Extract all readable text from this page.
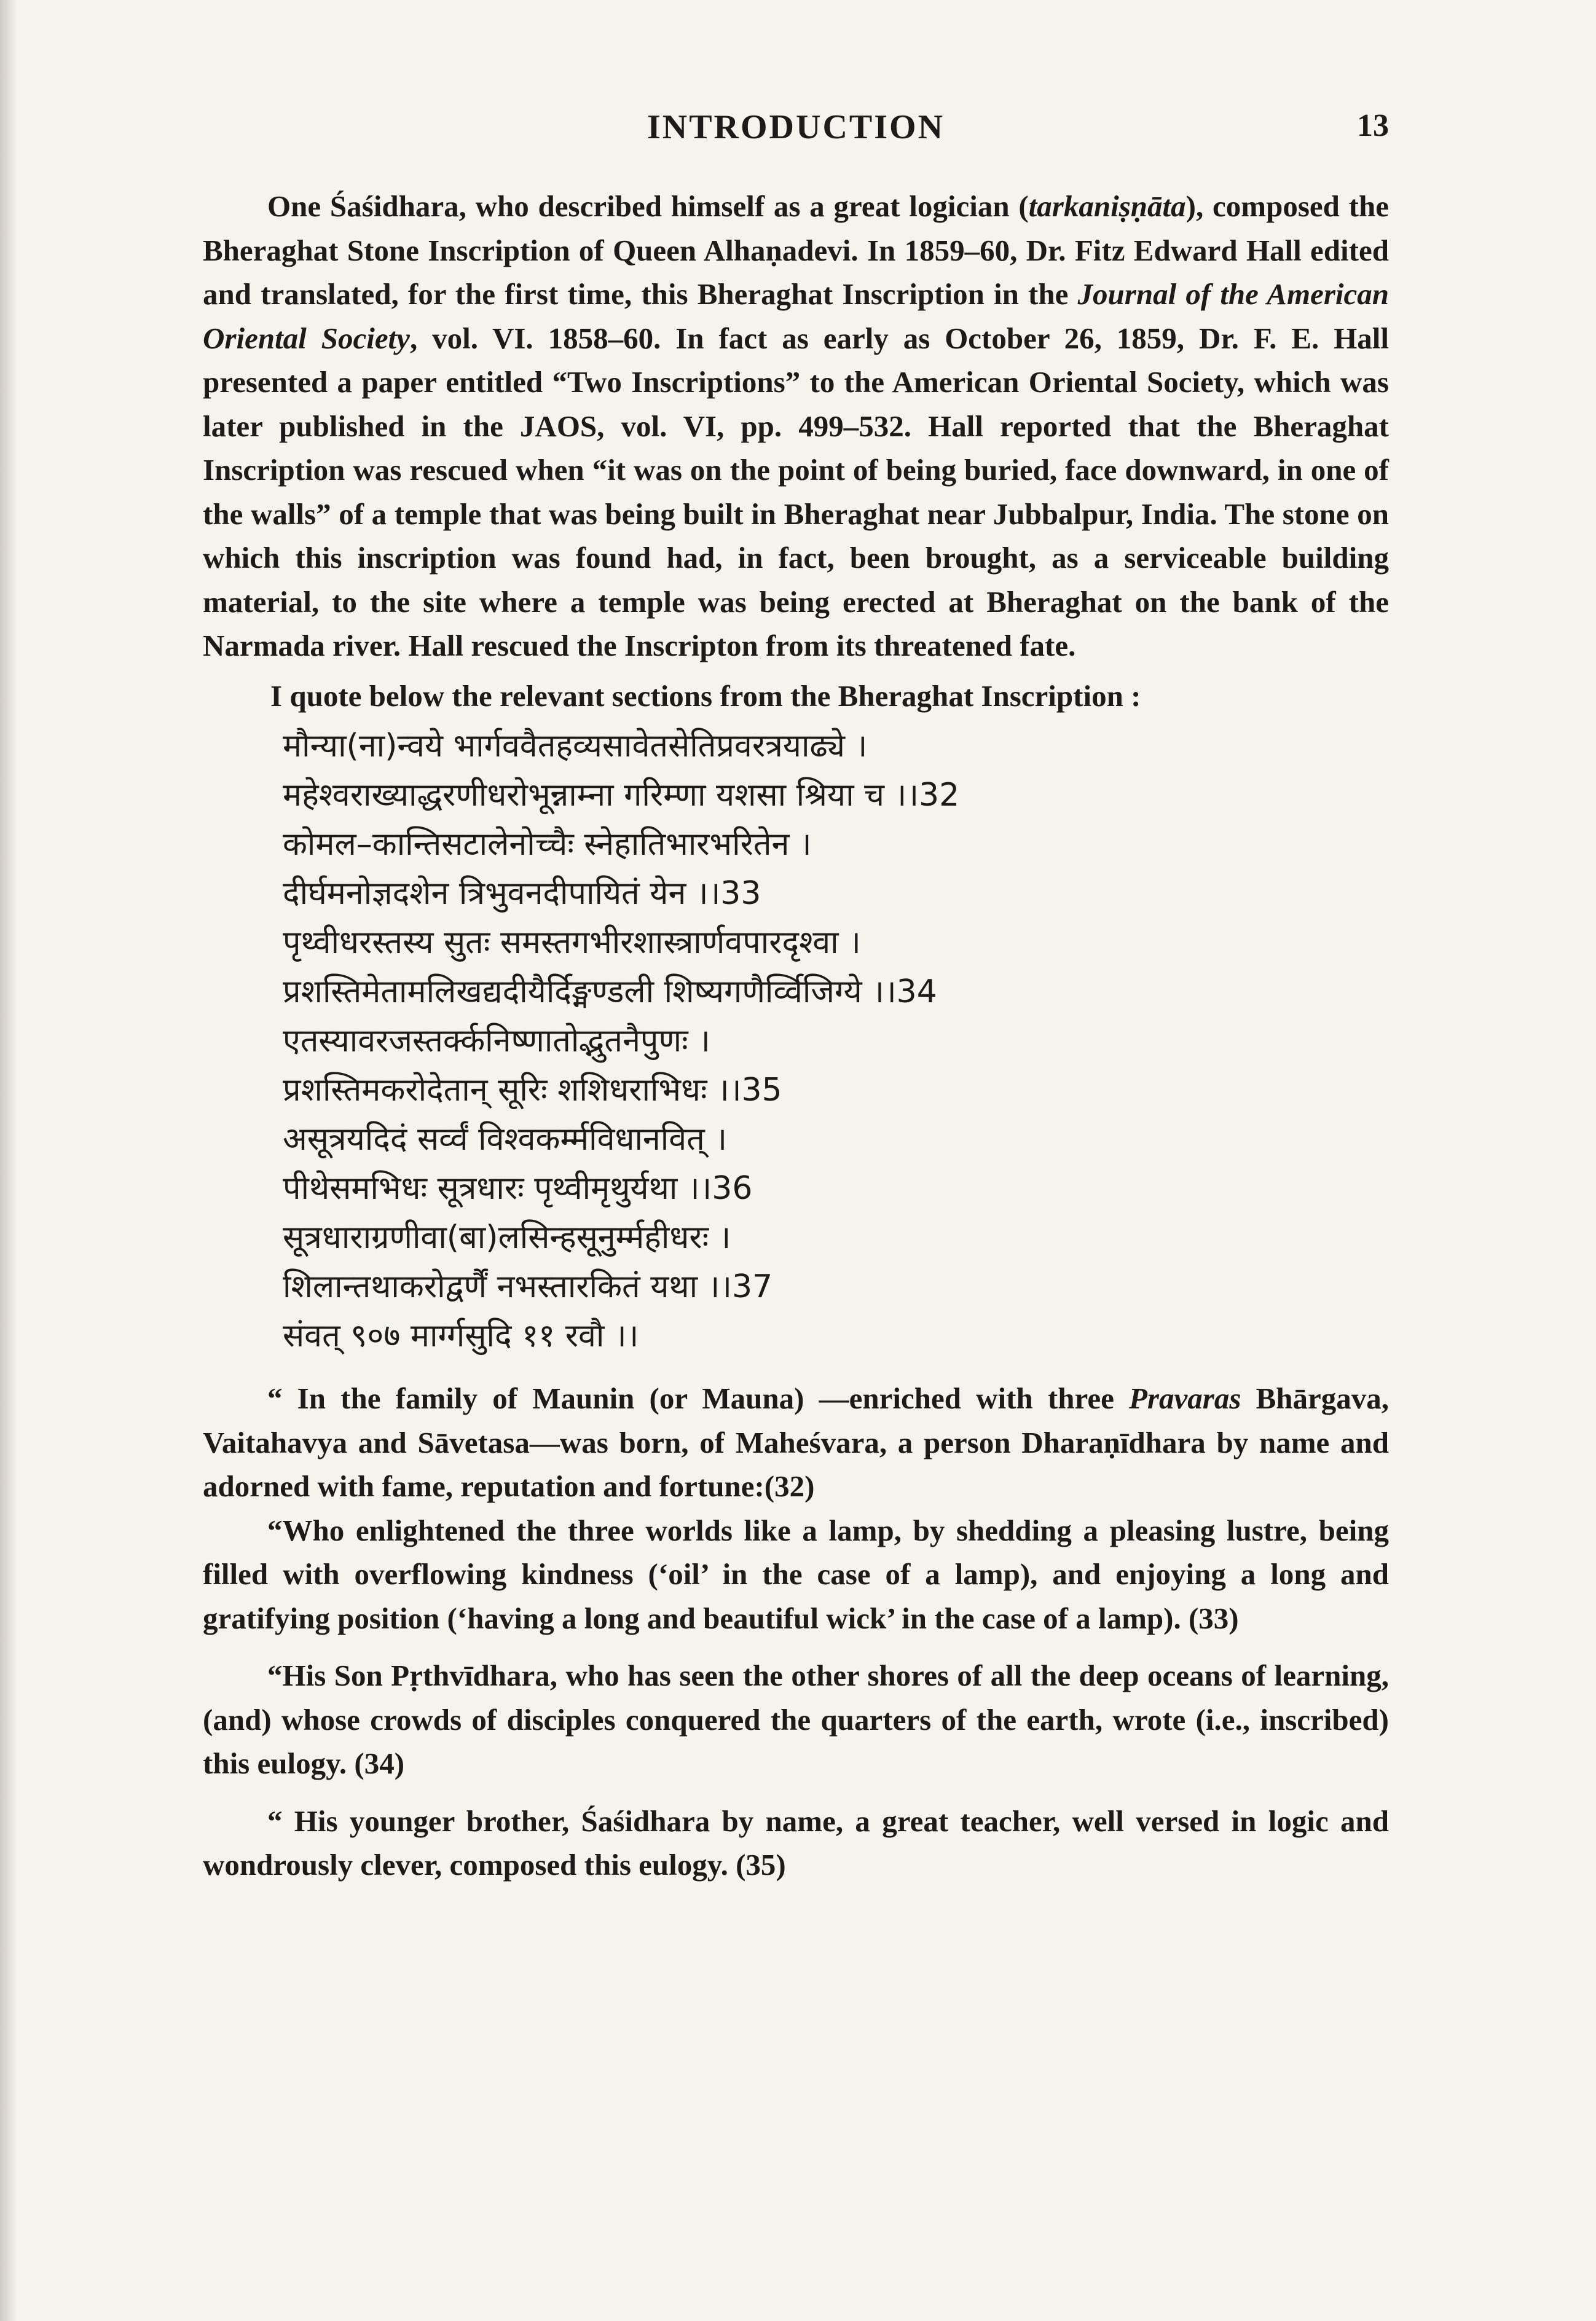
INTRODUCTION	13

One Śaśidhara, who described himself as a great logician (tarkaniṣṇāta), composed the Bheraghat Stone Inscription of Queen Alhaṇadevi. In 1859–60, Dr. Fitz Edward Hall edited and translated, for the first time, this Bheraghat Inscription in the Journal of the American Oriental Society, vol. VI. 1858–60. In fact as early as October 26, 1859, Dr. F. E. Hall presented a paper entitled “Two Inscriptions” to the American Oriental Society, which was later published in the JAOS, vol. VI, pp. 499–532. Hall reported that the Bheraghat Inscription was rescued when “it was on the point of being buried, face downward, in one of the walls” of a temple that was being built in Bheraghat near Jubbalpur, India. The stone on which this inscription was found had, in fact, been brought, as a serviceable building material, to the site where a temple was being erected at Bheraghat on the bank of the Narmada river. Hall rescued the Inscripton from its threatened fate.

I quote below the relevant sections from the Bheraghat Inscription :

मौन्या(ना)न्वये भार्गववैतहव्यसावेतसेतिप्रवरत्रयाढ्ये ।
महेश्वराख्याद्धरणीधरोभून्नाम्ना गरिम्णा यशसा श्रिया च ।।32
कोमल–कान्तिसटालेनोच्चैः स्नेहातिभारभरितेन ।
दीर्घमनोज्ञदशेन त्रिभुवनदीपायितं येन ।।33
पृथ्वीधरस्तस्य सुतः समस्तगभीरशास्त्रार्णवपारदृश्वा ।
प्रशस्तिमेतामलिखद्यदीयैर्दिङ्मण्डली शिष्यगणैर्व्विजिग्ये ।।34
एतस्यावरजस्तर्क्कनिष्णातोद्भुतनैपुणः ।
प्रशस्तिमकरोदेतान् सूरिः शशिधराभिधः ।।35
असूत्रयदिदं सर्व्वं विश्वकर्म्मविधानवित् ।
पीथेसमभिधः सूत्रधारः पृथ्वीमृथुर्यथा ।।36
सूत्रधाराग्रणीवा(बा)लसिन्हसूनुर्म्महीधरः ।
शिलान्तथाकरोद्वर्णैं नभस्तारकितं यथा ।।37
संवत् ९०७ मार्ग्गसुदि ११ रवौ ।।

“ In the family of Maunin (or Mauna) —enriched with three Pravaras Bhārgava, Vaitahavya and Sāvetasa—was born, of Maheśvara, a person Dharaṇīdhara by name and adorned with fame, reputation and fortune:(32)

“Who enlightened the three worlds like a lamp, by shedding a pleasing lustre, being filled with overflowing kindness (‘oil’ in the case of a lamp), and enjoying a long and gratifying position (‘having a long and beautiful wick’ in the case of a lamp). (33)

“His Son Pṛthvīdhara, who has seen the other shores of all the deep oceans of learning, (and) whose crowds of disciples conquered the quarters of the earth, wrote (i.e., inscribed) this eulogy. (34)

“ His younger brother, Śaśidhara by name, a great teacher, well versed in logic and wondrously clever, composed this eulogy. (35)
